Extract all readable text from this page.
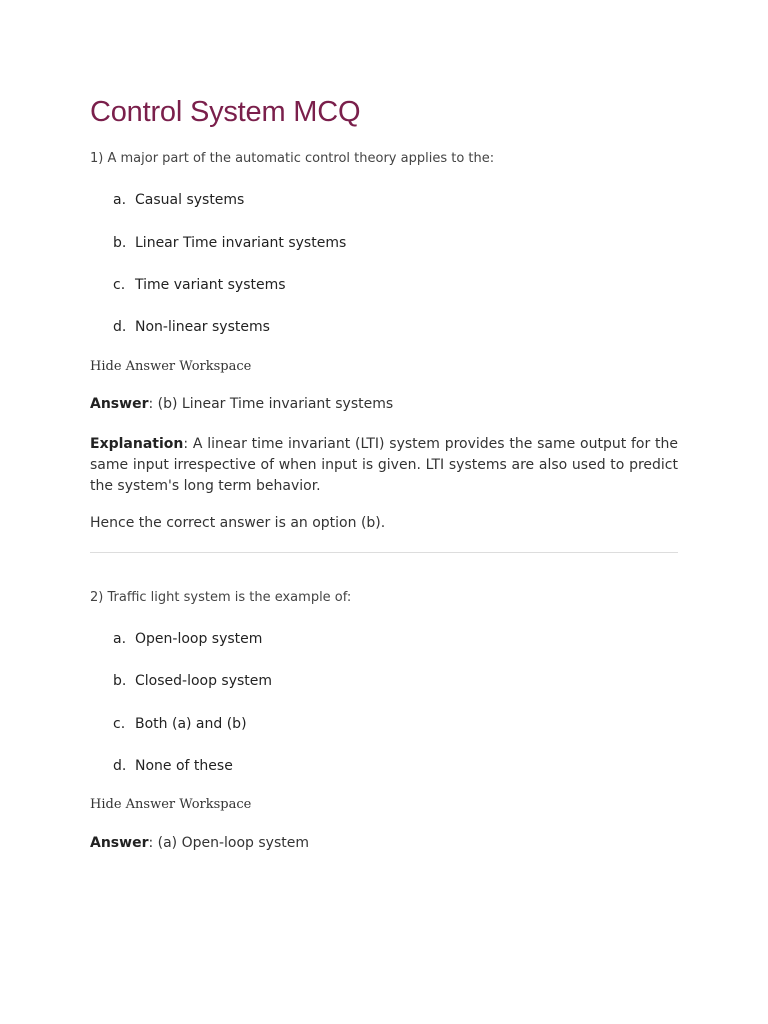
Control System MCQ
1) A major part of the automatic control theory applies to the:
a. Casual systems
b. Linear Time invariant systems
c. Time variant systems
d. Non-linear systems
Hide Answer Workspace
Answer: (b) Linear Time invariant systems
Explanation: A linear time invariant (LTI) system provides the same output for the same input irrespective of when input is given. LTI systems are also used to predict the system's long term behavior.
Hence the correct answer is an option (b).
2) Traffic light system is the example of:
a. Open-loop system
b. Closed-loop system
c. Both (a) and (b)
d. None of these
Hide Answer Workspace
Answer: (a) Open-loop system
